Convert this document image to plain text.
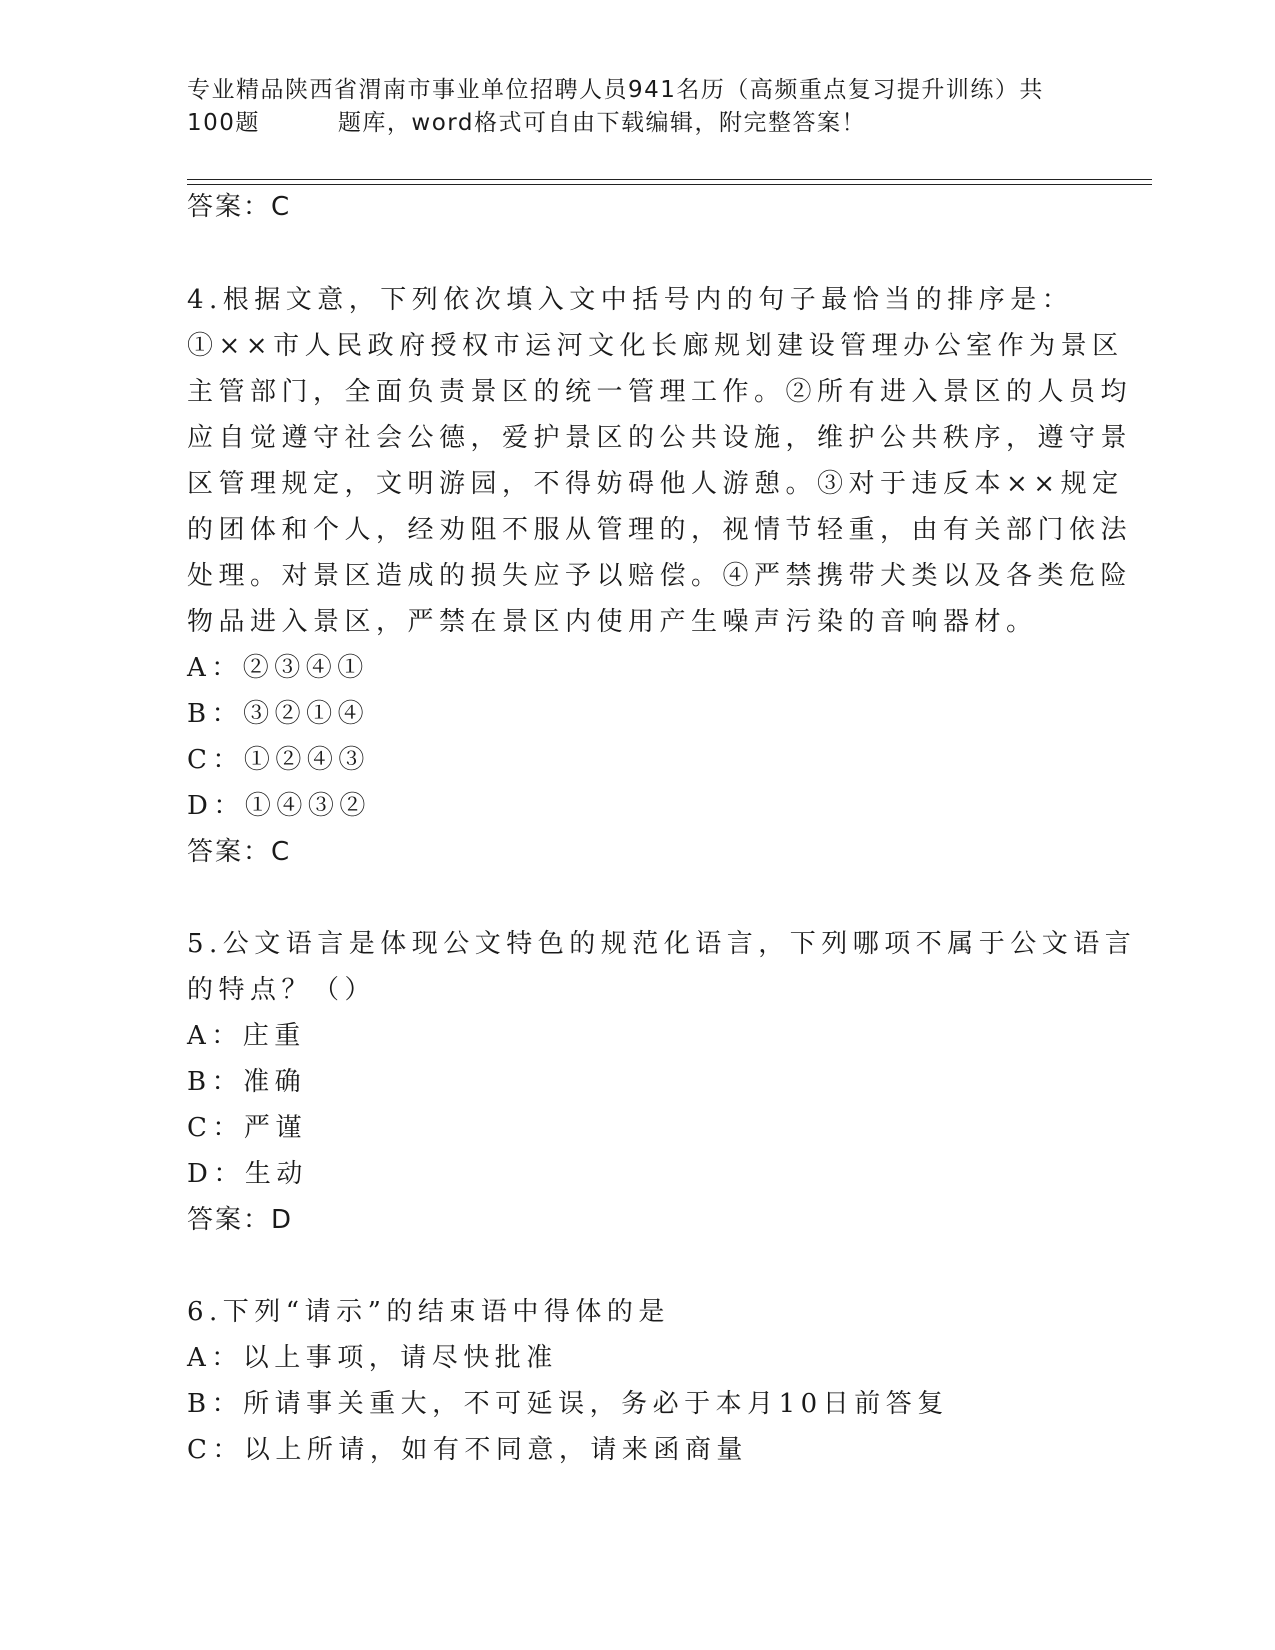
专业精品陕西省渭南市事业单位招聘人员941名历（高频重点复习提升训练）共
100题	题库，word格式可自由下载编辑，附完整答案！
答案：C
4.根据文意，下列依次填入文中括号内的句子最恰当的排序是：
①××市人民政府授权市运河文化长廊规划建设管理办公室作为景区
主管部门，全面负责景区的统一管理工作。②所有进入景区的人员均
应自觉遵守社会公德，爱护景区的公共设施，维护公共秩序，遵守景
区管理规定，文明游园，不得妨碍他人游憩。③对于违反本××规定
的团体和个人，经劝阻不服从管理的，视情节轻重，由有关部门依法
处理。对景区造成的损失应予以赔偿。④严禁携带犬类以及各类危险
物品进入景区，严禁在景区内使用产生噪声污染的音响器材。
A：②③④①
B：③②①④
C：①②④③
D：①④③②
答案：C
5.公文语言是体现公文特色的规范化语言，下列哪项不属于公文语言
的特点？（）
A：庄重
B：准确
C：严谨
D：生动
答案：D
6.下列“请示”的结束语中得体的是
A：以上事项，请尽快批准
B：所请事关重大，不可延误，务必于本月10日前答复
C：以上所请，如有不同意，请来函商量
